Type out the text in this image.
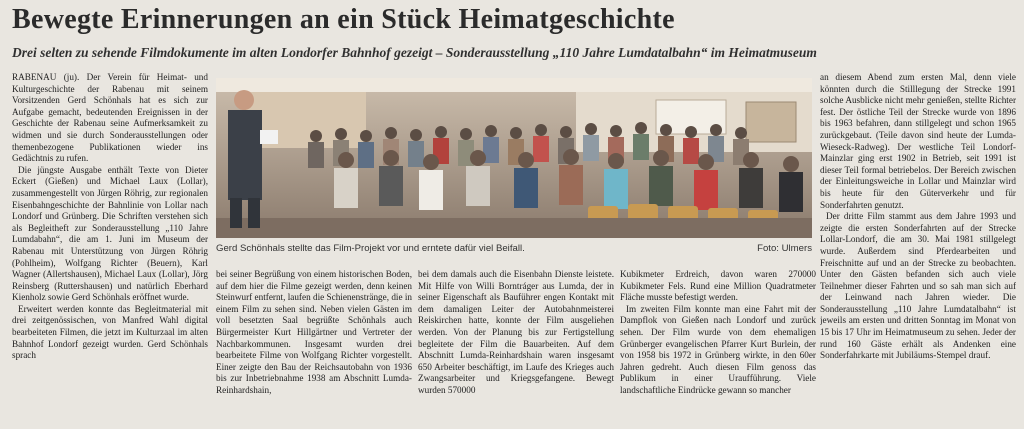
Bewegte Erinnerungen an ein Stück Heimatgeschichte
Drei selten zu sehende Filmdokumente im alten Londorfer Bahnhof gezeigt – Sonderausstellung „110 Jahre Lumdatalbahn“ im Heimatmuseum

RABENAU (ju). Der Verein für Heimat- und Kulturgeschichte der Rabenau mit seinem Vorsitzenden Gerd Schönhals hat es sich zur Aufgabe gemacht, bedeutenden Ereignissen in der Geschichte der Rabenau seine Aufmerksamkeit zu widmen und sie durch Sonderausstellungen oder themenbezogene Publikationen wieder ins Gedächtnis zu rufen.

Die jüngste Ausgabe enthält Texte von Dieter Eckert (Gießen) und Michael Laux (Lollar), zusammengestellt von Jürgen Röhrig, zur regionalen Eisenbahngeschichte der Bahnlinie von Lollar nach Londorf und Grünberg. Die Schriften verstehen sich als Begleitheft zur Sonderausstellung „110 Jahre Lumdabahn“, die am 1. Juni im Museum der Rabenau mit Unterstützung von Jürgen Röhrig (Pohlheim), Wolfgang Richter (Beuern), Karl Wagner (Allertshausen), Michael Laux (Lollar), Jörg Reinsberg (Ruttershausen) und natürlich Eberhard Kienholz sowie Gerd Schönhals eröffnet wurde.

Erweitert werden konnte das Begleitmaterial mit drei zeitgenössischen, von Manfred Wahl digital bearbeiteten Filmen, die jetzt im Kulturzaal im alten Bahnhof Londorf gezeigt wurden. Gerd Schönhals sprach

Gerd Schönhals stellte das Film-Projekt vor und erntete dafür viel Beifall.	Foto: Ulmers

bei seiner Begrüßung von einem historischen Boden, auf dem hier die Filme gezeigt werden, denn keinen Steinwurf entfernt, laufen die Schienenstränge, die in einem Film zu sehen sind. Neben vielen Gästen im voll besetzten Saal begrüßte Schönhals auch Bürgermeister Kurt Hillgärtner und Vertreter der Nachbarkommunen. Insgesamt wurden drei bearbeitete Filme von Wolfgang Richter vorgestellt. Einer zeigte den Bau der Reichsautobahn von 1936 bis zur Inbetriebnahme 1938 am Abschnitt Lumda-Reinhardshain,

bei dem damals auch die Eisenbahn Dienste leistete. Mit Hilfe von Willi Borntráger aus Lumda, der in seiner Eigenschaft als Bauführer engen Kontakt mit dem damaligen Leiter der Autobahnmeisterei Reiskirchen hatte, konnte der Film ausgeliehen werden. Von der Planung bis zur Fertigstellung begleitete der Film die Bauarbeiten. Auf dem Abschnitt Lumda-Reinhardshain waren insgesamt 650 Arbeiter beschäftigt, im Laufe des Krieges auch Zwangsarbeiter und Kriegsgefangene. Bewegt wurden 570000

Kubikmeter Erdreich, davon waren 270000 Kubikmeter Fels. Rund eine Million Quadratmeter Fläche musste befestigt werden.

Im zweiten Film konnte man eine Fahrt mit der Dampflok von Gießen nach Londorf und zurück sehen. Der Film wurde von dem ehemaligen Grünberger evangelischen Pfarrer Kurt Burlein, der von 1958 bis 1972 in Grünberg wirkte, in den 60er Jahren gedreht. Auch diesen Film genoss das Publikum in einer Uraufführung. Viele landschaftliche Eindrücke gewann so mancher

an diesem Abend zum ersten Mal, denn viele könnten durch die Stilllegung der Strecke 1991 solche Ausblicke nicht mehr genießen, stellte Richter fest. Der östliche Teil der Strecke wurde von 1896 bis 1963 befahren, dann stillgelegt und schon 1965 zurückgebaut. (Teile davon sind heute der Lumda-Wieseck-Radweg). Der westliche Teil Londorf-Mainzlar ging erst 1902 in Betrieb, seit 1991 ist dieser Teil formal betriebelos. Der Bereich zwischen der Einleitungsweiche in Lollar und Mainzlar wird bis heute für den Güterverkehr und für Sonderfahrten genutzt.

Der dritte Film stammt aus dem Jahre 1993 und zeigte die ersten Sonderfahrten auf der Strecke Lollar-Londorf, die am 30. Mai 1981 stillgelegt wurde. Außerdem sind Pferdearbeiten und Freischnitte auf und an der Strecke zu beobachten. Unter den Gästen befanden sich auch viele Teilnehmer dieser Fahrten und so sah man sich auf der Leinwand nach Jahren wieder. Die Sonderausstellung „110 Jahre Lumdatalbahn“ ist jeweils am ersten und dritten Sonntag im Monat von 15 bis 17 Uhr im Heimatmuseum zu sehen. Jeder der rund 160 Gäste erhält als Andenken eine Sonderfahrkarte mit Jubiläums-Stempel drauf.
